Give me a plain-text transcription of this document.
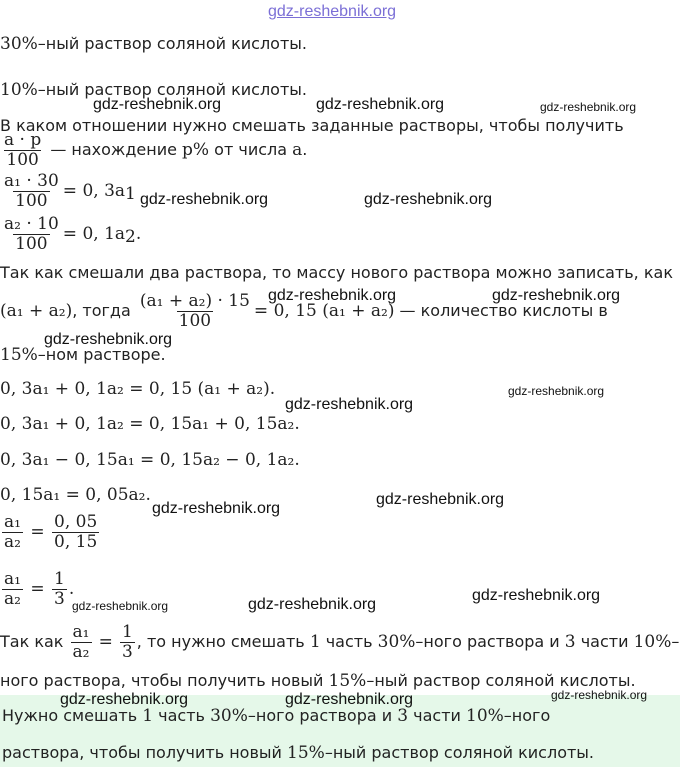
gdz-reshebnik.org
30%–ный раствор соляной кислоты.
10%–ный раствор соляной кислоты.
В каком отношении нужно смешать заданные растворы, чтобы получить
$\frac{a \cdot p}{100}$ — нахождение p% от числа a.
$\frac{\text{a₁ · 30}}{100} = 0$, $3a_1$
$\frac{\text{a₂ · 10}}{100} = 0$, $1a_2$.
Так как смешали два раствора, то массу нового раствора можно записать, как
(a₁ + a₂), тогда $\frac{\text{(a₁ + a₂) · 15}}{100} = 0$, 15 (a₁ + a₂) — количество кислоты в
15%–ном растворе.
0, 3a₁ + 0, 1a₂ = 0, 15 (a₁ + a₂).
0, 3a₁ + 0, 1a₂ = 0, 15a₁ + 0, 15a₂.
0, 3a₁ − 0, 15a₁ = 0, 15a₂ − 0, 1a₂.
0, 15a₁ = 0, 05a₂.
$\frac{\text{a₁}}{\text{a₂}} = \frac{0, 05}{0, 15}$
$\frac{\text{a₁}}{\text{a₂}} = \frac{1}{3}$ .
Так как $\frac{\text{a₁}}{\text{a₂}} = \frac{1}{3}$ , то нужно смешать 1 часть 30%–ного раствора и 3 части 10%–
ного раствора, чтобы получить новый 15%–ный раствор соляной кислоты.
Нужно смешать 1 часть 30%–ного раствора и 3 части 10%–ного
раствора, чтобы получить новый 15%–ный раствор соляной кислоты.
gdz-reshebnik.org	gdz-reshebnik.org	gdz-reshebnik.org
gdz-reshebnik.org	gdz-reshebnik.org
gdz-reshebnik.org	gdz-reshebnik.org
gdz-reshebnik.org
gdz-reshebnik.org
gdz-reshebnik.org
gdz-reshebnik.org
gdz-reshebnik.org
gdz-reshebnik.org
gdz-reshebnik.org
gdz-reshebnik.org
gdz-reshebnik.org
gdz-reshebnik.org	gdz-reshebnik.org
